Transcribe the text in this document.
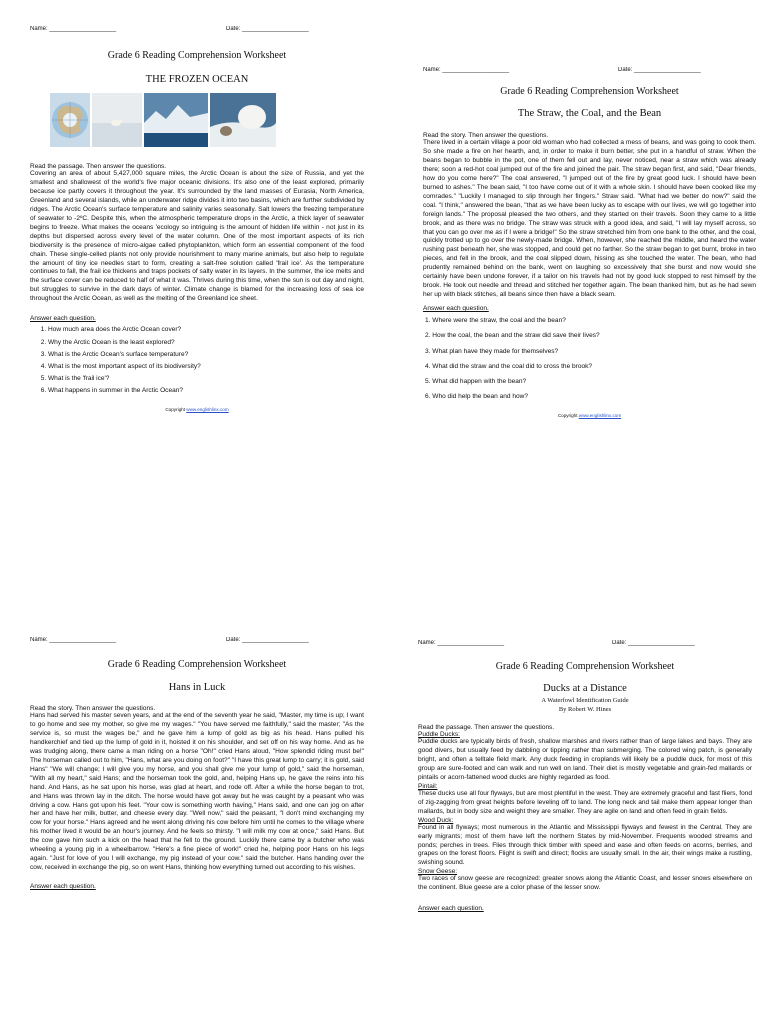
Name: ____________________	Date: ____________________

Grade 6 Reading Comprehension Worksheet

THE FROZEN OCEAN

Read the passage. Then answer the questions.

Covering an area of about 5,427,000 square miles, the Arctic Ocean is about the size of Russia, and yet the smallest and shallowest of the world's five major oceanic divisions. It's also one of the least explored, primarily because ice partly covers it throughout the year. It's surrounded by the land masses of Eurasia, North America, Greenland and several islands, while an underwater ridge divides it into two basins, which are further subdivided by ridges. The Arctic Ocean's surface temperature and salinity varies seasonally. Salt lowers the freezing temperature of seawater to -2ºC. Despite this, when the atmospheric temperature drops in the Arctic, a thick layer of seawater begins to freeze. What makes the oceans 'ecology so intriguing is the amount of hidden life within - not just in its depths but dispersed across every level of the water column. One of the most important aspects of its rich biodiversity is the presence of micro-algae called phytoplankton, which form an essential component of the food chain. These single-celled plants not only provide nourishment to many marine animals, but also help to regulate the amount of tiny ice needles start to form, creating a salt-free solution called 'frail ice'. As the temperature continues to fall, the frail ice thickens and traps pockets of salty water in its layers. In the summer, the ice melts and the surface cover can be reduced to half of what it was. Thrives during this time, when the sun is out day and night, but struggles to survive in the dark days of winter. Climate change is blamed for the increasing loss of sea ice throughout the Arctic Ocean, as well as the melting of the Greenland ice sheet.

Answer each question.

1. How much area does the Arctic Ocean cover?
2. Why the Arctic Ocean is the least explored?
3. What is the Arctic Ocean's surface temperature?
4. What is the most important aspect of its biodiversity?
5. What is the 'frail ice'?
6. What happens in summer in the Arctic Ocean?

Copyright www.englishlinx.com

Name: ____________________	Date: ____________________

Grade 6 Reading Comprehension Worksheet

The Straw, the Coal, and the Bean

Read the story. Then answer the questions.

There lived in a certain village a poor old woman who had collected a mess of beans, and was going to cook them. So she made a fire on her hearth, and, in order to make it burn better, she put in a handful of straw. When the beans began to bubble in the pot, one of them fell out and lay, never noticed, near a straw which was already there; soon a red-hot coal jumped out of the fire and joined the pair. The straw began first, and said, "Dear friends, how do you come here?" The coal answered, "I jumped out of the fire by great good luck. I should have been burned to ashes." The bean said, "I too have come out of it with a whole skin. I should have been cooked like my comrades." "Luckily I managed to slip through her fingers." Straw said. "What had we better do now?" said the coal. "I think," answered the bean, "that as we have been lucky as to escape with our lives, we will go together into foreign lands." The proposal pleased the two others, and they started on their travels. Soon they came to a little brook, and as there was no bridge. The straw was struck with a good idea, and said, "I will lay myself across, so that you can go over me as if I were a bridge!" So the straw stretched him from one bank to the other, and the coal, quickly trotted up to go over the newly-made bridge. When, however, she reached the middle, and heard the water rushing past beneath her, she was stopped, and could get no farther. So the straw began to get burnt, broke in two pieces, and fell in the brook, and the coal slipped down, hissing as she touched the water. The bean, who had prudently remained behind on the bank, went on laughing so excessively that she burst and now would she certainly have been undone forever, if a tailor on his travels had not by good luck stopped to rest himself by the brook. He took out needle and thread and stitched her together again. The bean thanked him, but as he had sewn her up with black stitches, all beans since then have a black seam.

Answer each question.

1. Where were the straw, the coal and the bean?
2. How the coal, the bean and the straw did save their lives?
3. What plan have they made for themselves?
4. What did the straw and the coal did to cross the brook?
5. What did happen with the bean?
6. Who did help the bean and how?

Copyright www.englishlinx.com

Name: ____________________	Date: ____________________

Grade 6 Reading Comprehension Worksheet

Hans in Luck

Read the story. Then answer the questions.

Hans had served his master seven years, and at the end of the seventh year he said, "Master, my time is up; I want to go home and see my mother, so give me my wages." "You have served me faithfully," said the master; "As the service is, so must the wages be," and he gave him a lump of gold as big as his head. Hans pulled his handkerchief and tied up the lump of gold in it, hoisted it on his shoulder, and set off on his way home. And as he was trudging along, there came a man riding on a horse "Oh!" cried Hans aloud, "How splendid riding must be!" The horseman called out to him, "Hans, what are you doing on foot?" "I have this great lump to carry; it is gold, said Hans" "We will change; I will give you my horse, and you shall give me your lump of gold," said the horseman, "With all my heart," said Hans; and the horseman took the gold, and, helping Hans up, he gave the reins into his hand. And Hans, as he sat upon his horse, was glad at heart, and rode off. After a while the horse began to trot, and Hans was thrown lay in the ditch. The horse would have got away but he was caught by a peasant who was driving a cow. Hans got upon his feet. "Your cow is something worth having," Hans said, and one can jog on after her and have her milk, butter, and cheese every day. "Well now," said the peasant, "I don't mind exchanging my cow for your horse." Hans agreed and he went along driving his cow before him until he comes to the village where his mother lived it would be an hour's journey. And he feels so thirsty. "I will milk my cow at once," said Hans. But the cow gave him such a kick on the head that he fell to the ground. Luckily there came by a butcher who was wheeling a young pig in a wheelbarrow. "Here's a fine piece of work!" cried he, helping poor Hans on his legs again. "Just for love of you I will exchange, my pig instead of your cow." said the butcher. Hans handing over the cow, received in exchange the pig, so on went Hans, thinking how everything turned out according to his wishes.

Answer each question.

Name: ____________________	Date: ____________________

Grade 6 Reading Comprehension Worksheet

Ducks at a Distance

A Waterfowl Identification Guide

By Robert W. Hines

Read the passage. Then answer the questions.

Puddle Ducks:

Puddle ducks are typically birds of fresh, shallow marshes and rivers rather than of large lakes and bays. They are good divers, but usually feed by dabbling or tipping rather than submerging. The colored wing patch, is generally bright, and often a telltale field mark. Any duck feeding in croplands will likely be a puddle duck, for most of this group are sure-footed and can walk and run well on land. Their diet is mostly vegetable and grain-fed mallards or pintails or acorn-fattened wood ducks are highly regarded as food.

Pintail:

These ducks use all four flyways, but are most plentiful in the west. They are extremely graceful and fast fliers, fond of zig-zagging from great heights before leveling off to land. The long neck and tail make them appear longer than mallards, but in body size and weight they are smaller. They are agile on land and often feed in grain fields.

Wood Duck:

Found in all flyways; most numerous in the Atlantic and Mississippi flyways and fewest in the Central. They are early migrants; most of them have left the northern States by mid-November. Frequents wooded streams and ponds; perches in trees. Flies through thick timber with speed and ease and often feeds on acorns, berries, and grapes on the forest floors. Flight is swift and direct; flocks are usually small. In the air, their wings make a rustling, swishing sound.

Snow Geese:

Two races of snow geese are recognized: greater snows along the Atlantic Coast, and lesser snows elsewhere on the continent. Blue geese are a color phase of the lesser snow.

Answer each question.
